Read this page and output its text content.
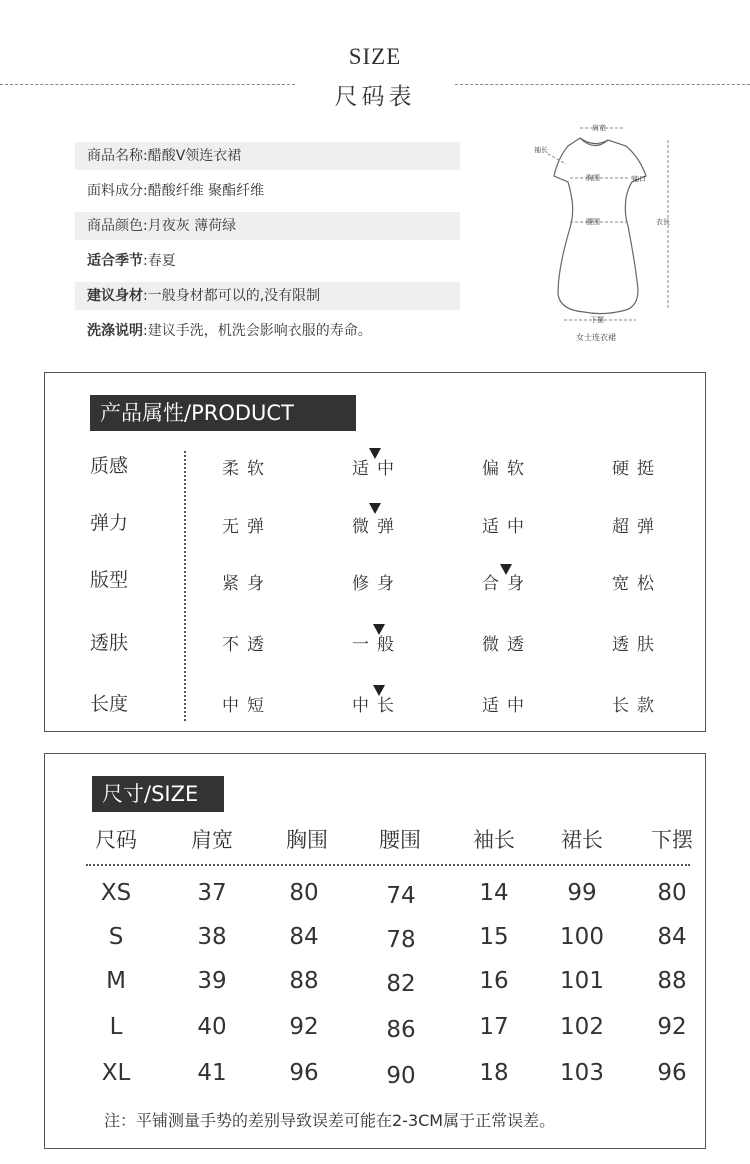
SIZE
尺码表
商品名称:醋酸V领连衣裙
面料成分:醋酸纤维 聚酯纤维
商品颜色:月夜灰 薄荷绿
适合季节:春夏
建议身材:一般身材都可以的,没有限制
洗涤说明:建议手洗，机洗会影响衣服的寿命。
肩宽
袖长
胸围	袖口
腰围	衣长
下摆
女士连衣裙
产品属性/PRODUCT
质感	柔软	适中	偏软	硬挺
弹力	无弹	微弹	适中	超弹
版型	紧身	修身	合身	宽松
透肤	不透	一般	微透	透肤
长度	中短	中长	适中	长款
尺寸/SIZE
尺码	肩宽	胸围	腰围	袖长	裙长	下摆
XS	37	80	74	14	99	80
S	38	84	78	15	100	84
M	39	88	82	16	101	88
L	40	92	86	17	102	92
XL	41	96	90	18	103	96
注：平铺测量手势的差别导致误差可能在2-3CM属于正常误差。
